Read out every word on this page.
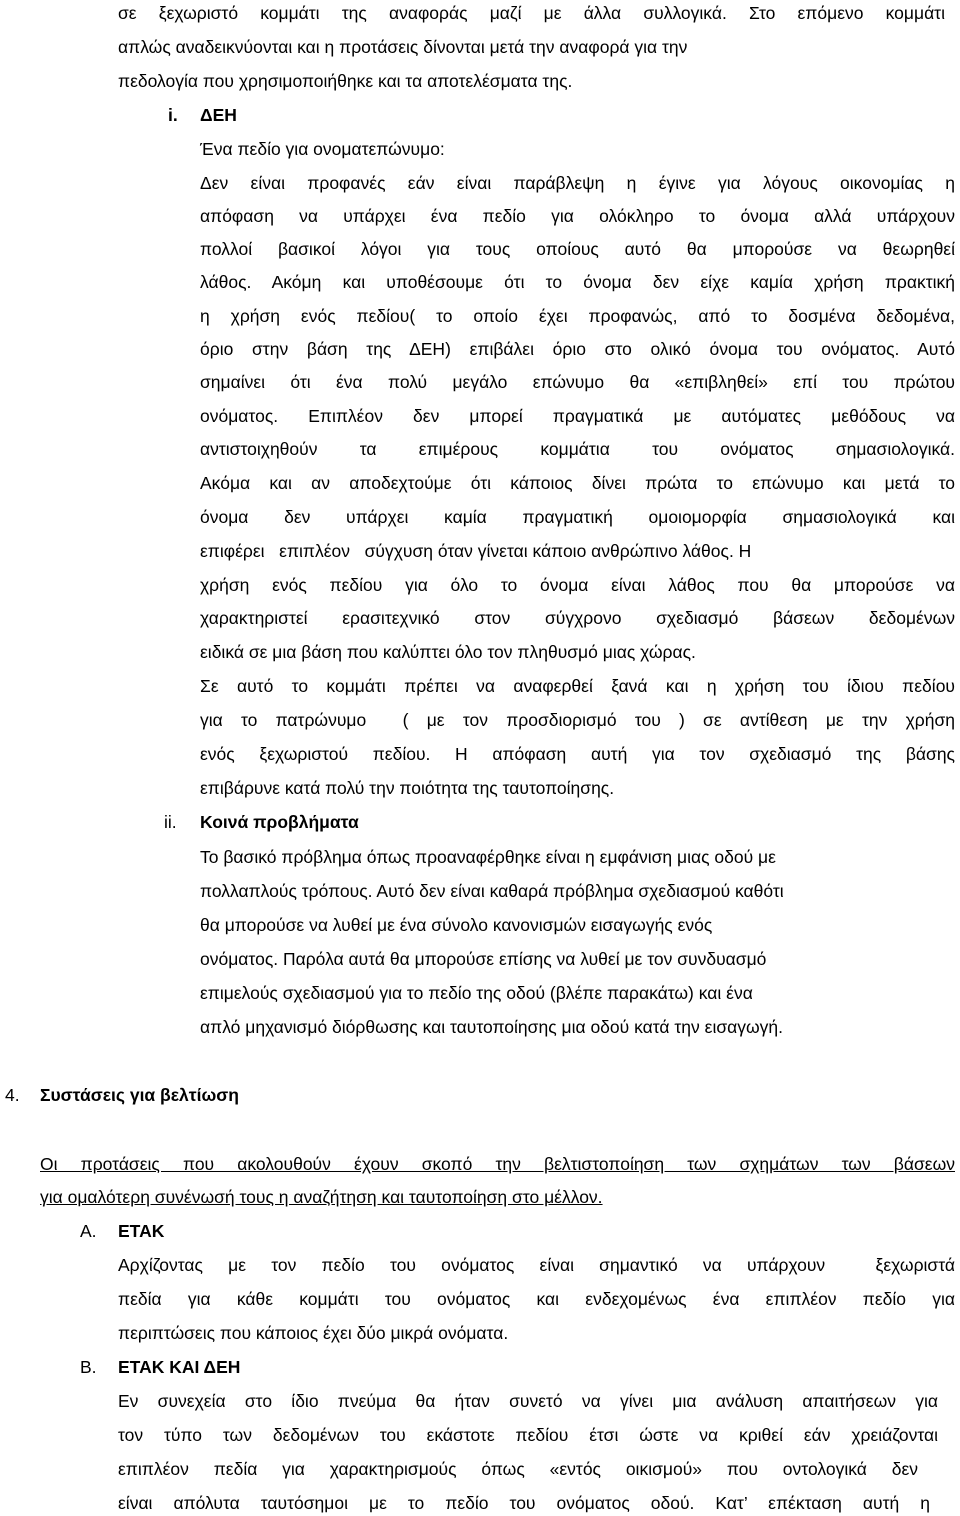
σε ξεχωριστό κομμάτι της αναφοράς μαζί με άλλα συλλογικά. Στο επόμενο κομμάτι
απλώς αναδεικνύονται και η προτάσεις δίνονται μετά την αναφορά για την
πεδολογία που χρησιμοποιήθηκε και τα αποτελέσματα της.
i. ΔΕΗ
Ένα πεδίο για ονοματεπώνυμο:
Δεν είναι προφανές εάν είναι παράβλεψη η έγινε για λόγους οικονομίας η
απόφαση να υπάρχει ένα πεδίο για ολόκληρο το όνομα αλλά υπάρχουν
πολλοί βασικοί λόγοι για τους οποίους αυτό θα μπορούσε να θεωρηθεί
λάθος. Ακόμη και υποθέσουμε ότι το όνομα δεν είχε καμία χρήση πρακτική
η χρήση ενός πεδίου( το οποίο έχει προφανώς, από το δοσμένα δεδομένα,
όριο στην βάση της ΔΕΗ) επιβάλει όριο στο ολικό όνομα του ονόματος. Αυτό
σημαίνει ότι ένα πολύ μεγάλο επώνυμο θα «επιβληθεί» επί του πρώτου
ονόματος. Επιπλέον δεν μπορεί πραγματικά με αυτόματες μεθόδους να
αντιστοιχηθούν τα επιμέρους κομμάτια του ονόματος σημασιολογικά.
Ακόμα και αν αποδεχτούμε ότι κάποιος δίνει πρώτα το επώνυμο και μετά το
όνομα δεν υπάρχει καμία πραγματική ομοιομορφία σημασιολογικά και
επιφέρει   επιπλέον   σύγχυση όταν γίνεται κάποιο ανθρώπινο λάθος. Η
χρήση ενός πεδίου για όλο το όνομα είναι λάθος που θα μπορούσε να
χαρακτηριστεί ερασιτεχνικό στον σύγχρονο σχεδιασμό βάσεων δεδομένων
ειδικά σε μια βάση που καλύπτει όλο τον πληθυσμό μιας χώρας.
Σε αυτό το κομμάτι πρέπει να αναφερθεί ξανά και η χρήση του ίδιου πεδίου
για το πατρώνυμο  ( με τον προσδιορισμό του ) σε αντίθεση με την χρήση
ενός ξεχωριστού πεδίου. Η απόφαση αυτή για τον σχεδιασμό της βάσης
επιβάρυνε κατά πολύ την ποιότητα της ταυτοποίησης.
ii. Κοινά προβλήματα
Το βασικό πρόβλημα όπως προαναφέρθηκε είναι η εμφάνιση μιας οδού με
πολλαπλούς τρόπους. Αυτό δεν είναι καθαρά πρόβλημα σχεδιασμού καθότι
θα μπορούσε να λυθεί με ένα σύνολο κανονισμών εισαγωγής ενός
ονόματος. Παρόλα αυτά θα μπορούσε επίσης να λυθεί με τον συνδυασμό
επιμελούς σχεδιασμού για το πεδίο της οδού (βλέπε παρακάτω) και ένα
απλό μηχανισμό διόρθωσης και ταυτοποίησης μια οδού κατά την εισαγωγή.
4. Συστάσεις για βελτίωση
Οι προτάσεις που ακολουθούν έχουν σκοπό την βελτιστοποίηση των σχημάτων των βάσεων
για ομαλότερη συνένωσή τους η αναζήτηση και ταυτοποίηση στο μέλλον.
A. ΕΤΑΚ
Αρχίζοντας με τον πεδίο του ονόματος είναι σημαντικό να υπάρχουν  ξεχωριστά
πεδία για κάθε κομμάτι του ονόματος και ενδεχομένως ένα επιπλέον πεδίο για
περιπτώσεις που κάποιος έχει δύο μικρά ονόματα.
B. ΕΤΑΚ ΚΑΙ ΔΕΗ
Εν συνεχεία στο ίδιο πνεύμα θα ήταν συνετό να γίνει μια ανάλυση απαιτήσεων για
τον τύπο των δεδομένων του εκάστοτε πεδίου έτσι ώστε να κριθεί εάν χρειάζονται
επιπλέον πεδία για χαρακτηρισμούς όπως «εντός οικισμού» που οντολογικά δεν
είναι απόλυτα ταυτόσημοι με το πεδίο του ονόματος οδού. Κατ’ επέκταση αυτή η
